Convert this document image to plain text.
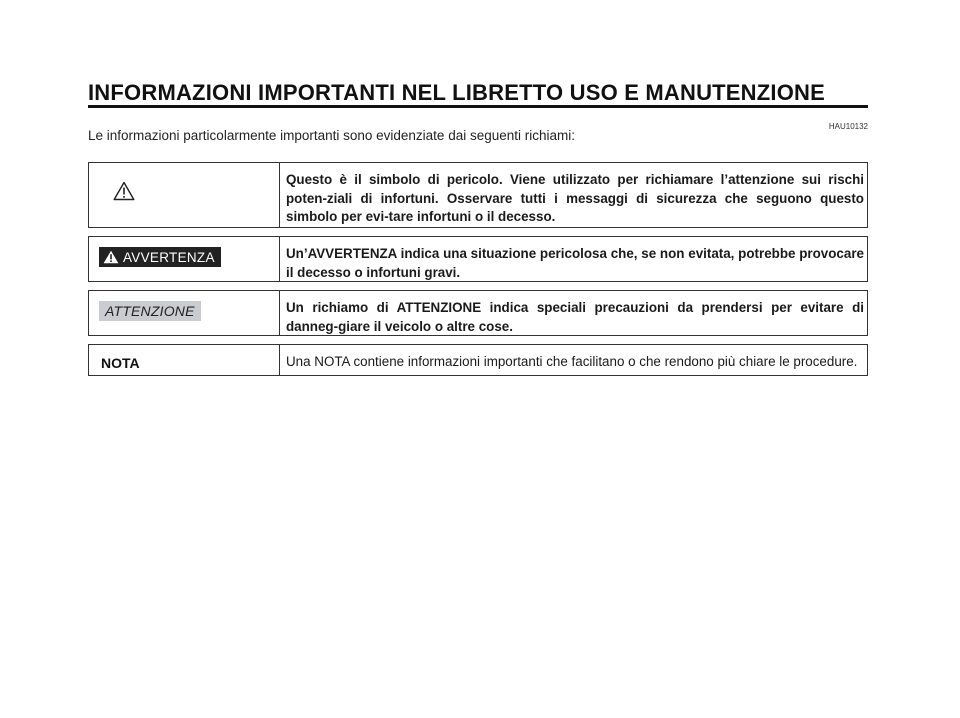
INFORMAZIONI IMPORTANTI NEL LIBRETTO USO E MANUTENZIONE
HAU10132
Le informazioni particolarmente importanti sono evidenziate dai seguenti richiami:
Questo è il simbolo di pericolo. Viene utilizzato per richiamare l’attenzione sui rischi poten-ziali di infortuni. Osservare tutti i messaggi di sicurezza che seguono questo simbolo per evi-tare infortuni o il decesso.
AVVERTENZA	Un’AVVERTENZA indica una situazione pericolosa che, se non evitata, potrebbe provocare il decesso o infortuni gravi.
ATTENZIONE	Un richiamo di ATTENZIONE indica speciali precauzioni da prendersi per evitare di danneg-giare il veicolo o altre cose.
NOTA	Una NOTA contiene informazioni importanti che facilitano o che rendono più chiare le procedure.
